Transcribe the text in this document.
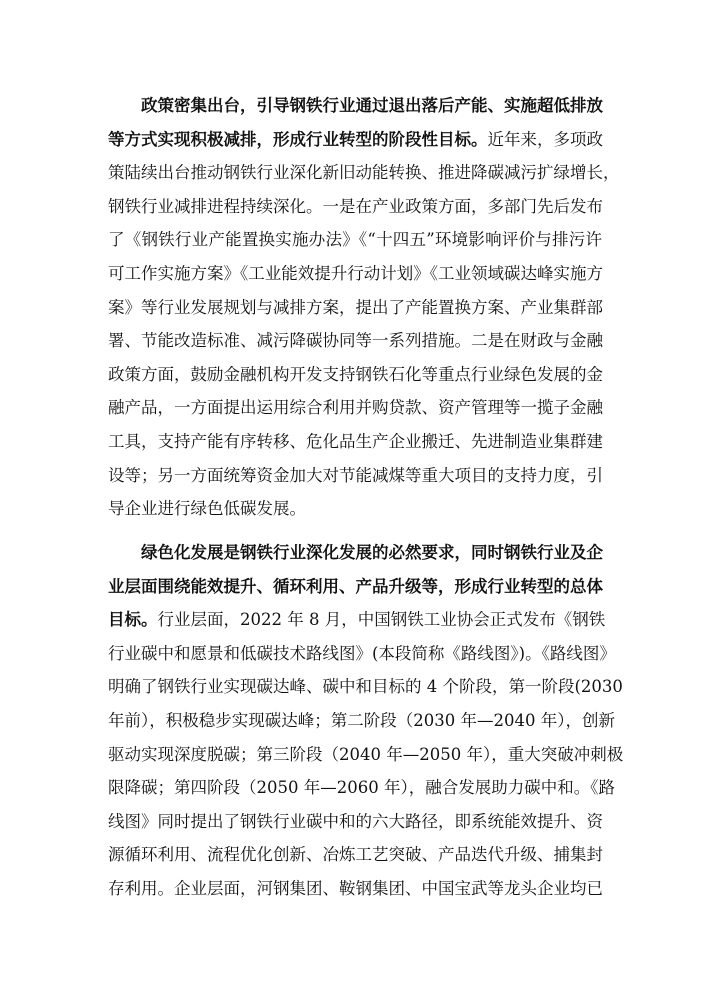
政策密集出台，引导钢铁行业通过退出落后产能、实施超低排放
等方式实现积极减排，形成行业转型的阶段性目标。近年来，多项政
策陆续出台推动钢铁行业深化新旧动能转换、推进降碳减污扩绿增长，
钢铁行业减排进程持续深化。一是在产业政策方面，多部门先后发布
了《钢铁行业产能置换实施办法》《“十四五”环境影响评价与排污许
可工作实施方案》《工业能效提升行动计划》《工业领域碳达峰实施方
案》等行业发展规划与减排方案，提出了产能置换方案、产业集群部
署、节能改造标准、减污降碳协同等一系列措施。二是在财政与金融
政策方面，鼓励金融机构开发支持钢铁石化等重点行业绿色发展的金
融产品，一方面提出运用综合利用并购贷款、资产管理等一揽子金融
工具，支持产能有序转移、危化品生产企业搬迁、先进制造业集群建
设等；另一方面统筹资金加大对节能减煤等重大项目的支持力度，引
导企业进行绿色低碳发展。
绿色化发展是钢铁行业深化发展的必然要求，同时钢铁行业及企
业层面围绕能效提升、循环利用、产品升级等，形成行业转型的总体
目标。行业层面，2022 年 8 月，中国钢铁工业协会正式发布《钢铁
行业碳中和愿景和低碳技术路线图》(本段简称《路线图》)。《路线图》
明确了钢铁行业实现碳达峰、碳中和目标的 4 个阶段，第一阶段(2030
年前），积极稳步实现碳达峰；第二阶段（2030 年—2040 年），创新
驱动实现深度脱碳；第三阶段（2040 年—2050 年），重大突破冲刺极
限降碳；第四阶段（2050 年—2060 年），融合发展助力碳中和。《路
线图》同时提出了钢铁行业碳中和的六大路径，即系统能效提升、资
源循环利用、流程优化创新、冶炼工艺突破、产品迭代升级、捕集封
存利用。企业层面，河钢集团、鞍钢集团、中国宝武等龙头企业均已
